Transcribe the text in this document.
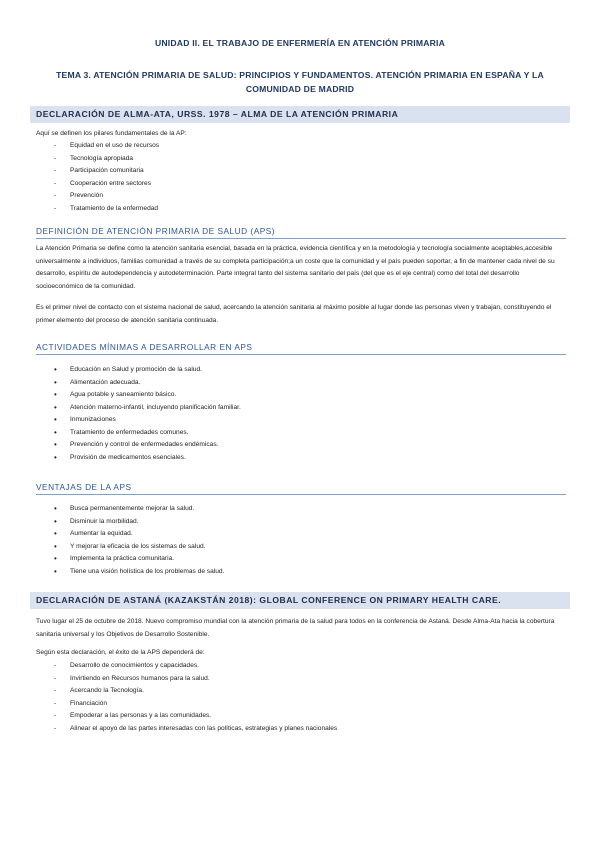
UNIDAD II. EL TRABAJO DE ENFERMERÍA EN ATENCIÓN PRIMARIA
TEMA 3. ATENCIÓN PRIMARIA DE SALUD: PRINCIPIOS Y FUNDAMENTOS. ATENCIÓN PRIMARIA EN ESPAÑA Y LA COMUNIDAD DE MADRID
DECLARACIÓN DE ALMA-ATA, URSS. 1978 – ALMA DE LA ATENCIÓN PRIMARIA
Aquí se definen los pilares fundamentales de la AP:
- Equidad en el uso de recursos
- Tecnología apropiada
- Participación comunitaria
- Cooperación entre sectores
- Prevención
- Tratamiento de la enfermedad
DEFINICIÓN DE ATENCIÓN PRIMARIA DE SALUD (APS)
La Atención Primaria se define como la atención sanitaria esencial, basada en la práctica, evidencia científica y en la metodología y tecnología socialmente aceptables,accesible universalmente a individuos, familias comunidad a través de su completa participación;a un coste que la comunidad y el país pueden soportar, a fin de mantener cada nivel de su desarrollo, espíritu de autodependencia y autodeterminación. Parte integral tanto del sistema sanitario del país (del que es el eje central) como del total del desarrollo socioeconómico de la comunidad.
Es el primer nivel de contacto con el sistema nacional de salud, acercando la atención sanitaria al máximo posible al lugar donde las personas viven y trabajan, constituyendo el primer elemento del proceso de atención sanitaria continuada.
ACTIVIDADES MÍNIMAS A DESARROLLAR EN APS
• Educación en Salud y promoción de la salud.
• Alimentación adecuada.
• Agua potable y saneamiento básico.
• Atención materno-infantil, incluyendo planificación familiar.
• Inmunizaciones
• Tratamiento de enfermedades comunes.
• Prevención y control de enfermedades endémicas.
• Provisión de medicamentos esenciales.
VENTAJAS DE LA APS
• Busca permanentemente mejorar la salud.
• Disminuir la morbilidad.
• Aumentar la equidad.
• Y mejorar la eficacia de los sistemas de salud.
• Implementa la práctica comunitaria.
• Tiene una visión holística de los problemas de salud.
DECLARACIÓN DE ASTANÁ (KAZAKSTÁN 2018): GLOBAL CONFERENCE ON PRIMARY HEALTH CARE.
Tuvo lugar el 25 de octubre de 2018. Nuevo compromiso mundial con la atención primaria de la salud para todos en la conferencia de Astaná. Desde Alma-Ata hacia la cobertura sanitaria universal y los Objetivos de Desarrollo Sostenible.
Según esta declaración, el éxito de la APS dependerá de:
- Desarrollo de conocimientos y capacidades.
- Invirtiendo en Recursos humanos para la salud.
- Acercando la Tecnología.
- Financiación
- Empoderar a las personas y a las comunidades.
- Alinear el apoyo de las partes interesadas con las políticas, estrategias y planes nacionales
